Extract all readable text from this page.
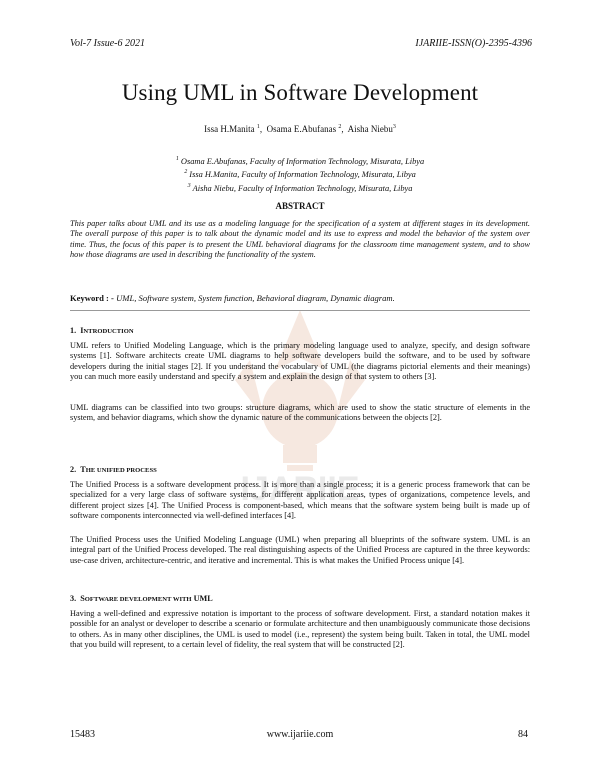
Vol-7 Issue-6 2021	IJARIIE-ISSN(O)-2395-4396
IJARIIE
Using UML in Software Development
Issa H.Manita $^1$,  Osama E.Abufanas $^2$,  Aisha Niebu$^3$
$^1$ Osama E.Abufanas, Faculty of Information Technology, Misurata, Libya
$^2$ Issa H.Manita, Faculty of Information Technology, Misurata, Libya
$^3$ Aisha Niebu, Faculty of Information Technology, Misurata, Libya
ABSTRACT
This paper talks about UML and its use as a modeling language for the specification of a system at different stages in its development. The overall purpose of this paper is to talk about the dynamic model and its use to express and model the behavior of the system over time. Thus, the focus of this paper is to present the UML behavioral diagrams for the classroom time management system, and to show how those diagrams are used in describing the functionality of the system.
Keyword : - UML, Software system, System function, Behavioral diagram, Dynamic diagram.
1. INTRODUCTION
UML refers to Unified Modeling Language, which is the primary modeling language used to analyze, specify, and design software systems [1]. Software architects create UML diagrams to help software developers build the software, and to be used by software developers during the initial stages [2]. If you understand the vocabulary of UML (the diagrams pictorial elements and their meanings) you can much more easily understand and specify a system and explain the design of that system to others [3].
UML diagrams can be classified into two groups: structure diagrams, which are used to show the static structure of elements in the system, and behavior diagrams, which show the dynamic nature of the communications between the objects [2].
2. THE UNIFIED PROCESS
The Unified Process is a software development process. It is more than a single process; it is a generic process framework that can be specialized for a very large class of software systems, for different application areas, types of organizations, competence levels, and different project sizes [4]. The Unified Process is component-based, which means that the software system being built is made up of software components interconnected via well-defined interfaces [4].
The Unified Process uses the Unified Modeling Language (UML) when preparing all blueprints of the software system. UML is an integral part of the Unified Process developed. The real distinguishing aspects of the Unified Process are captured in the three keywords: use-case driven, architecture-centric, and iterative and incremental. This is what makes the Unified Process unique [4].
3. SOFTWARE DEVELOPMENT WITH UML
Having a well-defined and expressive notation is important to the process of software development. First, a standard notation makes it possible for an analyst or developer to describe a scenario or formulate architecture and then unambiguously communicate those decisions to others. As in many other disciplines, the UML is used to model (i.e., represent) the system being built. Taken in total, the UML model that you build will represent, to a certain level of fidelity, the real system that will be constructed [2].
15483	www.ijariie.com	84
